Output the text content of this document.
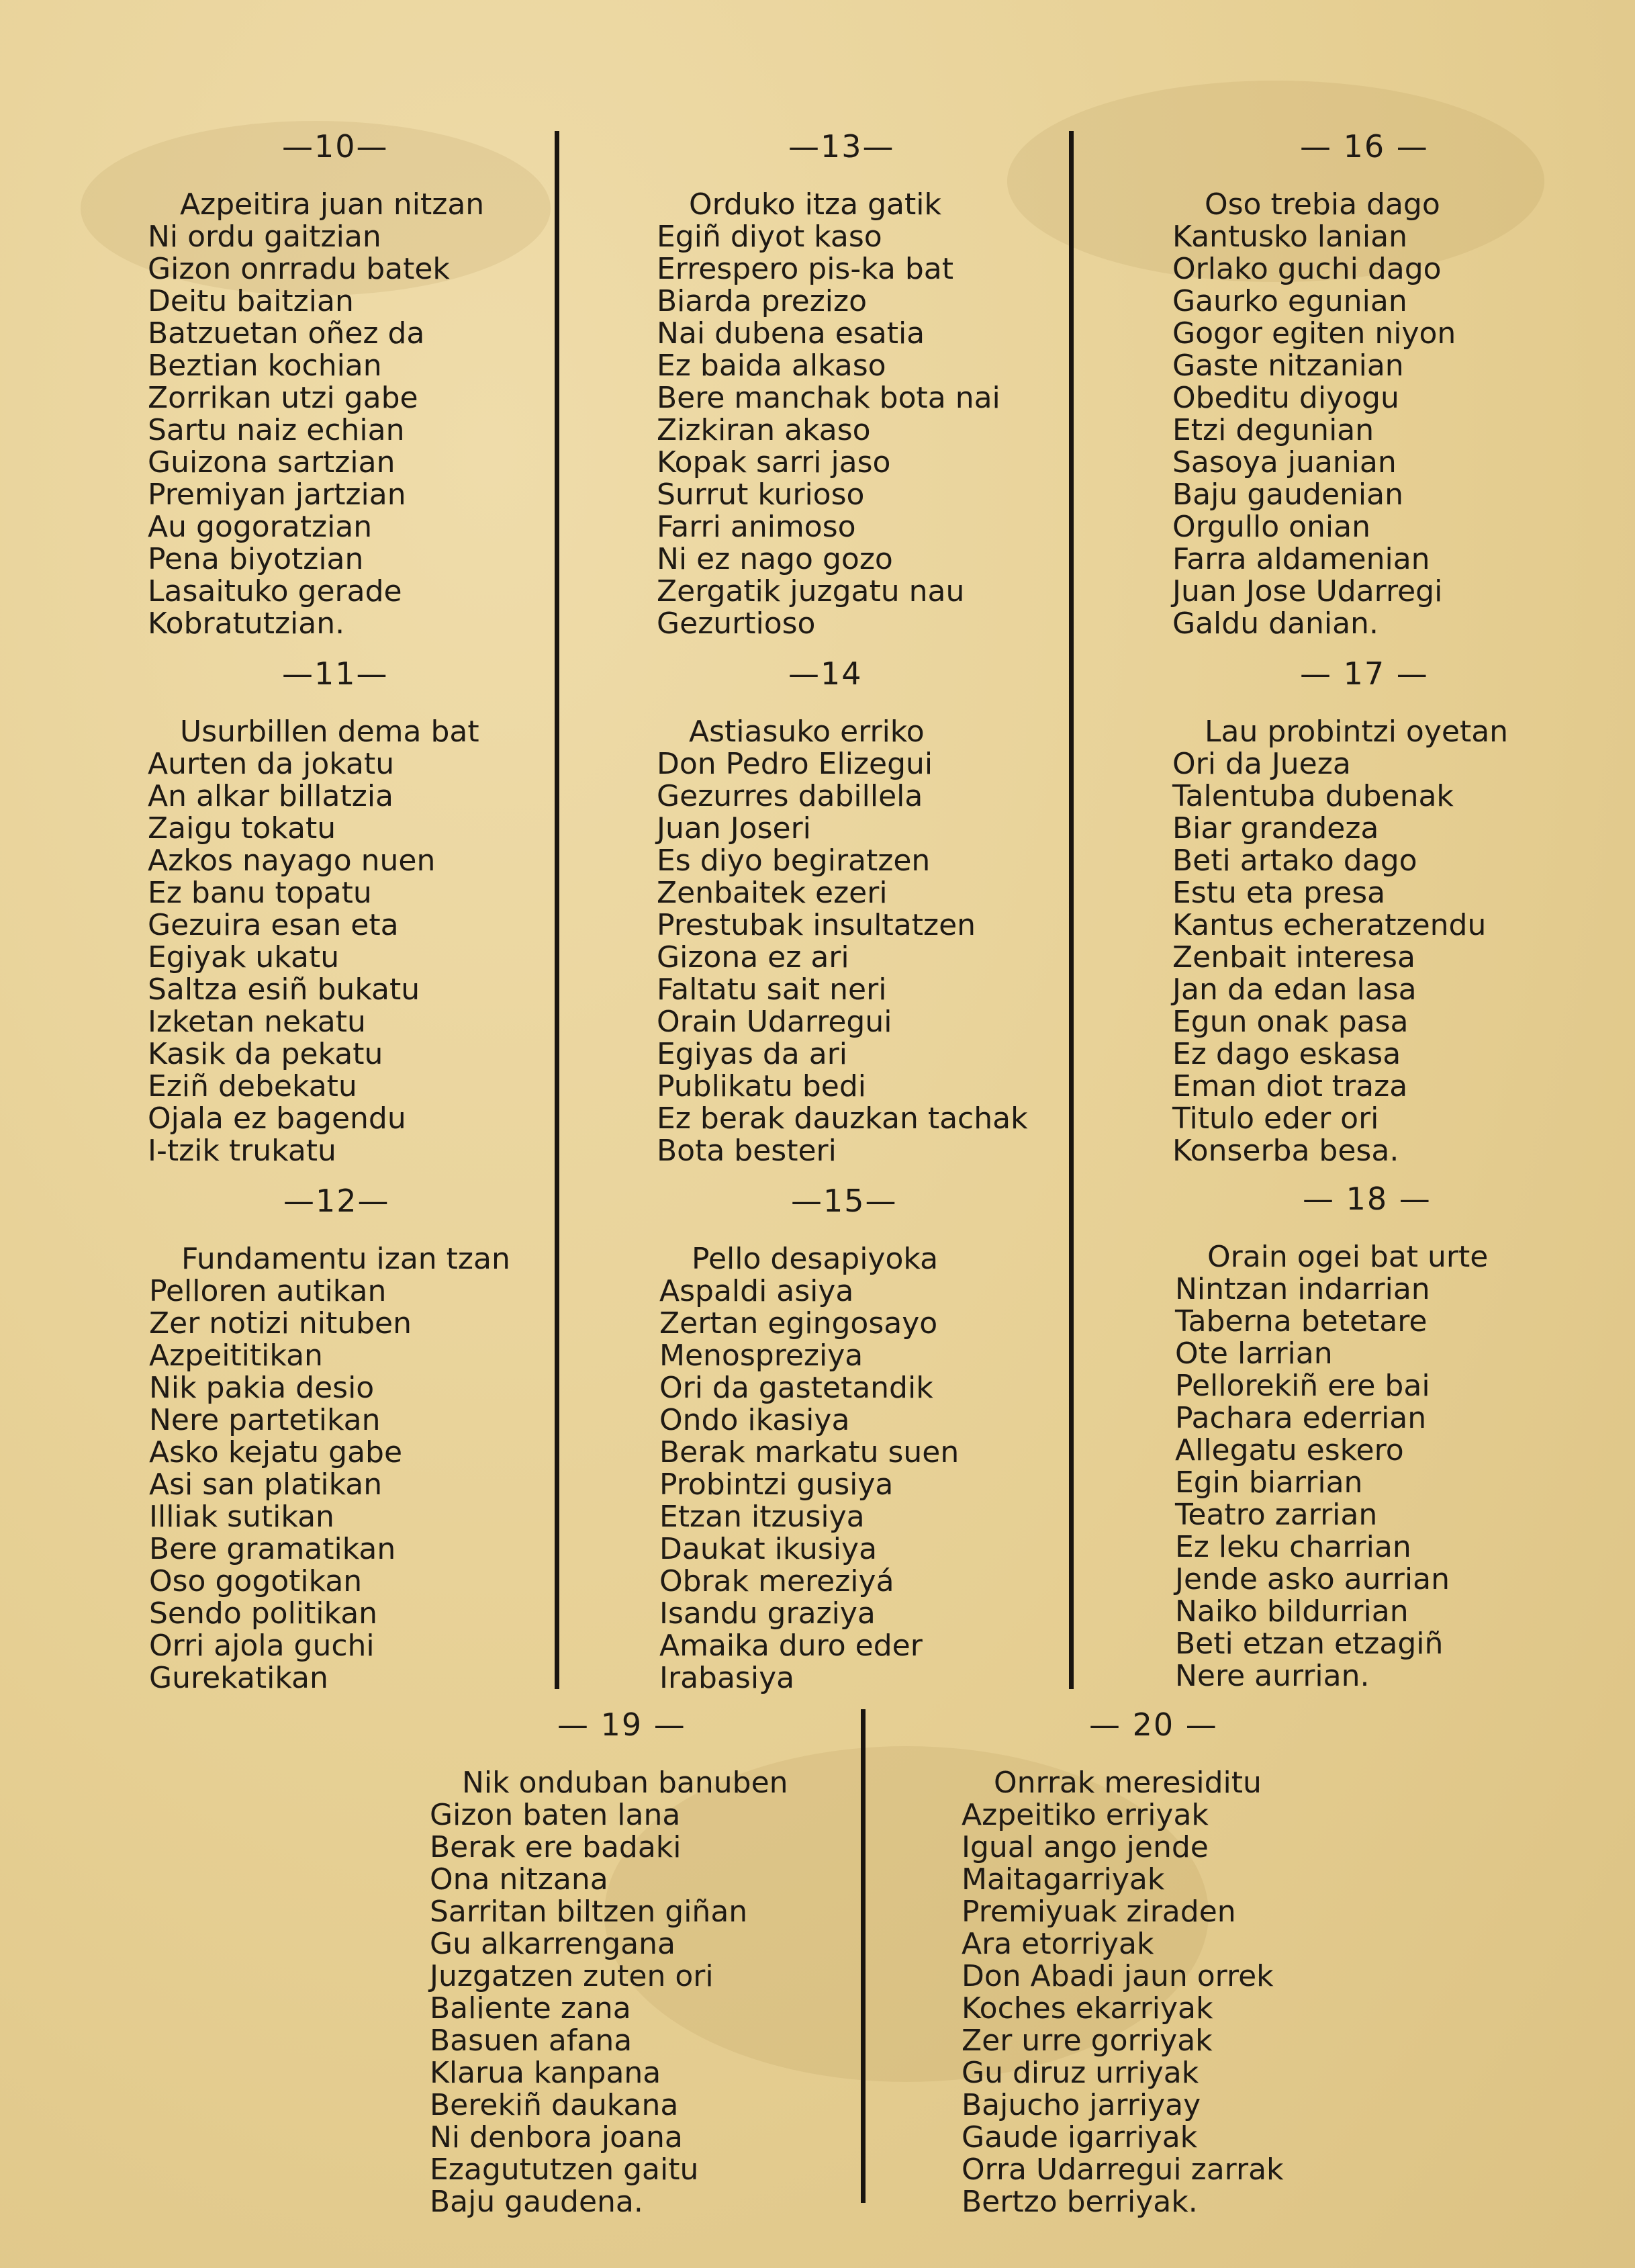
—10—
Azpeitira juan nitzan
Ni ordu gaitzian
Gizon onrradu batek
Deitu baitzian
Batzuetan oñez da
Beztian kochian
Zorrikan utzi gabe
Sartu naiz echian
Guizona sartzian
Premiyan jartzian
Au gogoratzian
Pena biyotzian
Lasaituko gerade
Kobratutzian.
—11—
Usurbillen dema bat
Aurten da jokatu
An alkar billatzia
Zaigu tokatu
Azkos nayago nuen
Ez banu topatu
Gezuira esan eta
Egiyak ukatu
Saltza esiñ bukatu
Izketan nekatu
Kasik da pekatu
Eziñ debekatu
Ojala ez bagendu
I-tzik trukatu
—12—
Fundamentu izan tzan
Pelloren autikan
Zer notizi nituben
Azpeititikan
Nik pakia desio
Nere partetikan
Asko kejatu gabe
Asi san platikan
Illiak sutikan
Bere gramatikan
Oso gogotikan
Sendo politikan
Orri ajola guchi
Gurekatikan
—13—
Orduko itza gatik
Egiñ diyot kaso
Errespero pis-ka bat
Biarda prezizo
Nai dubena esatia
Ez baida alkaso
Bere manchak bota nai
Zizkiran akaso
Kopak sarri jaso
Surrut kurioso
Farri animoso
Ni ez nago gozo
Zergatik juzgatu nau
Gezurtioso
—14
Astiasuko erriko
Don Pedro Elizegui
Gezurres dabillela
Juan Joseri
Es diyo begiratzen
Zenbaitek ezeri
Prestubak insultatzen
Gizona ez ari
Faltatu sait neri
Orain Udarregui
Egiyas da ari
Publikatu bedi
Ez berak dauzkan tachak
Bota besteri
—15—
Pello desapiyoka
Aspaldi asiya
Zertan egingosayo
Menospreziya
Ori da gastetandik
Ondo ikasiya
Berak markatu suen
Probintzi gusiya
Etzan itzusiya
Daukat ikusiya
Obrak mereziyá
Isandu graziya
Amaika duro eder
Irabasiya
— 16 —
Oso trebia dago
Kantusko lanian
Orlako guchi dago
Gaurko egunian
Gogor egiten niyon
Gaste nitzanian
Obeditu diyogu
Etzi degunian
Sasoya juanian
Baju gaudenian
Orgullo onian
Farra aldamenian
Juan Jose Udarregi
Galdu danian.
— 17 —
Lau probintzi oyetan
Ori da Jueza
Talentuba dubenak
Biar grandeza
Beti artako dago
Estu eta presa
Kantus echeratzendu
Zenbait interesa
Jan da edan lasa
Egun onak pasa
Ez dago eskasa
Eman diot traza
Titulo eder ori
Konserba besa.
— 18 —
Orain ogei bat urte
Nintzan indarrian
Taberna betetare
Ote larrian
Pellorekiñ ere bai
Pachara ederrian
Allegatu eskero
Egin biarrian
Teatro zarrian
Ez leku charrian
Jende asko aurrian
Naiko bildurrian
Beti etzan etzagiñ
Nere aurrian.
— 19 —
Nik onduban banuben
Gizon baten lana
Berak ere badaki
Ona nitzana
Sarritan biltzen giñan
Gu alkarrengana
Juzgatzen zuten ori
Baliente zana
Basuen afana
Klarua kanpana
Berekiñ daukana
Ni denbora joana
Ezagututzen gaitu
Baju gaudena.
— 20 —
Onrrak meresiditu
Azpeitiko erriyak
Igual ango jende
Maitagarriyak
Premiyuak ziraden
Ara etorriyak
Don Abadi jaun orrek
Koches ekarriyak
Zer urre gorriyak
Gu diruz urriyak
Bajucho jarriyay
Gaude igarriyak
Orra Udarregui zarrak
Bertzo berriyak.
